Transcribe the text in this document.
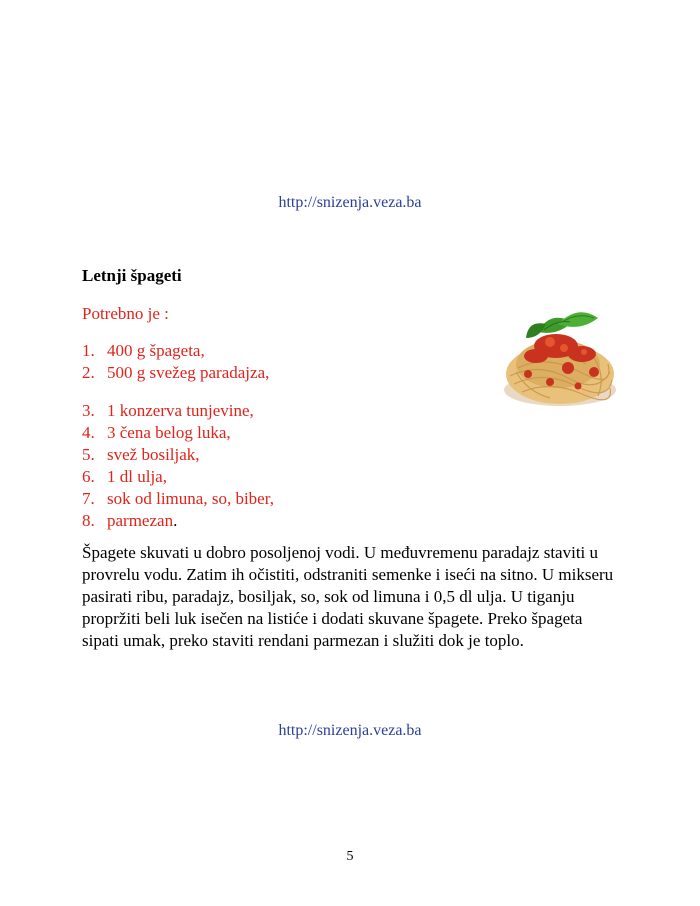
http://snizenja.veza.ba
Letnji špageti
Potrebno je :
1. 400 g špageta,
2. 500 g svežeg paradajza,
3. 1 konzerva tunjevine,
4. 3 čena belog luka,
5. svež bosiljak,
6. 1 dl ulja,
7. sok od limuna, so, biber,
8. parmezan .

Špagete skuvati u dobro posoljenoj vodi. U međuvremenu paradajz staviti u provrelu vodu. Zatim ih očistiti, odstraniti semenke i iseći na sitno. U mikseru pasirati ribu, paradajz, bosiljak, so, sok od limuna i 0,5 dl ulja. U tiganju propržiti beli luk isečen na listiće i dodati skuvane špagete. Preko špageta sipati umak, preko staviti rendani parmezan i služiti dok je toplo.

http://snizenja.veza.ba
5
